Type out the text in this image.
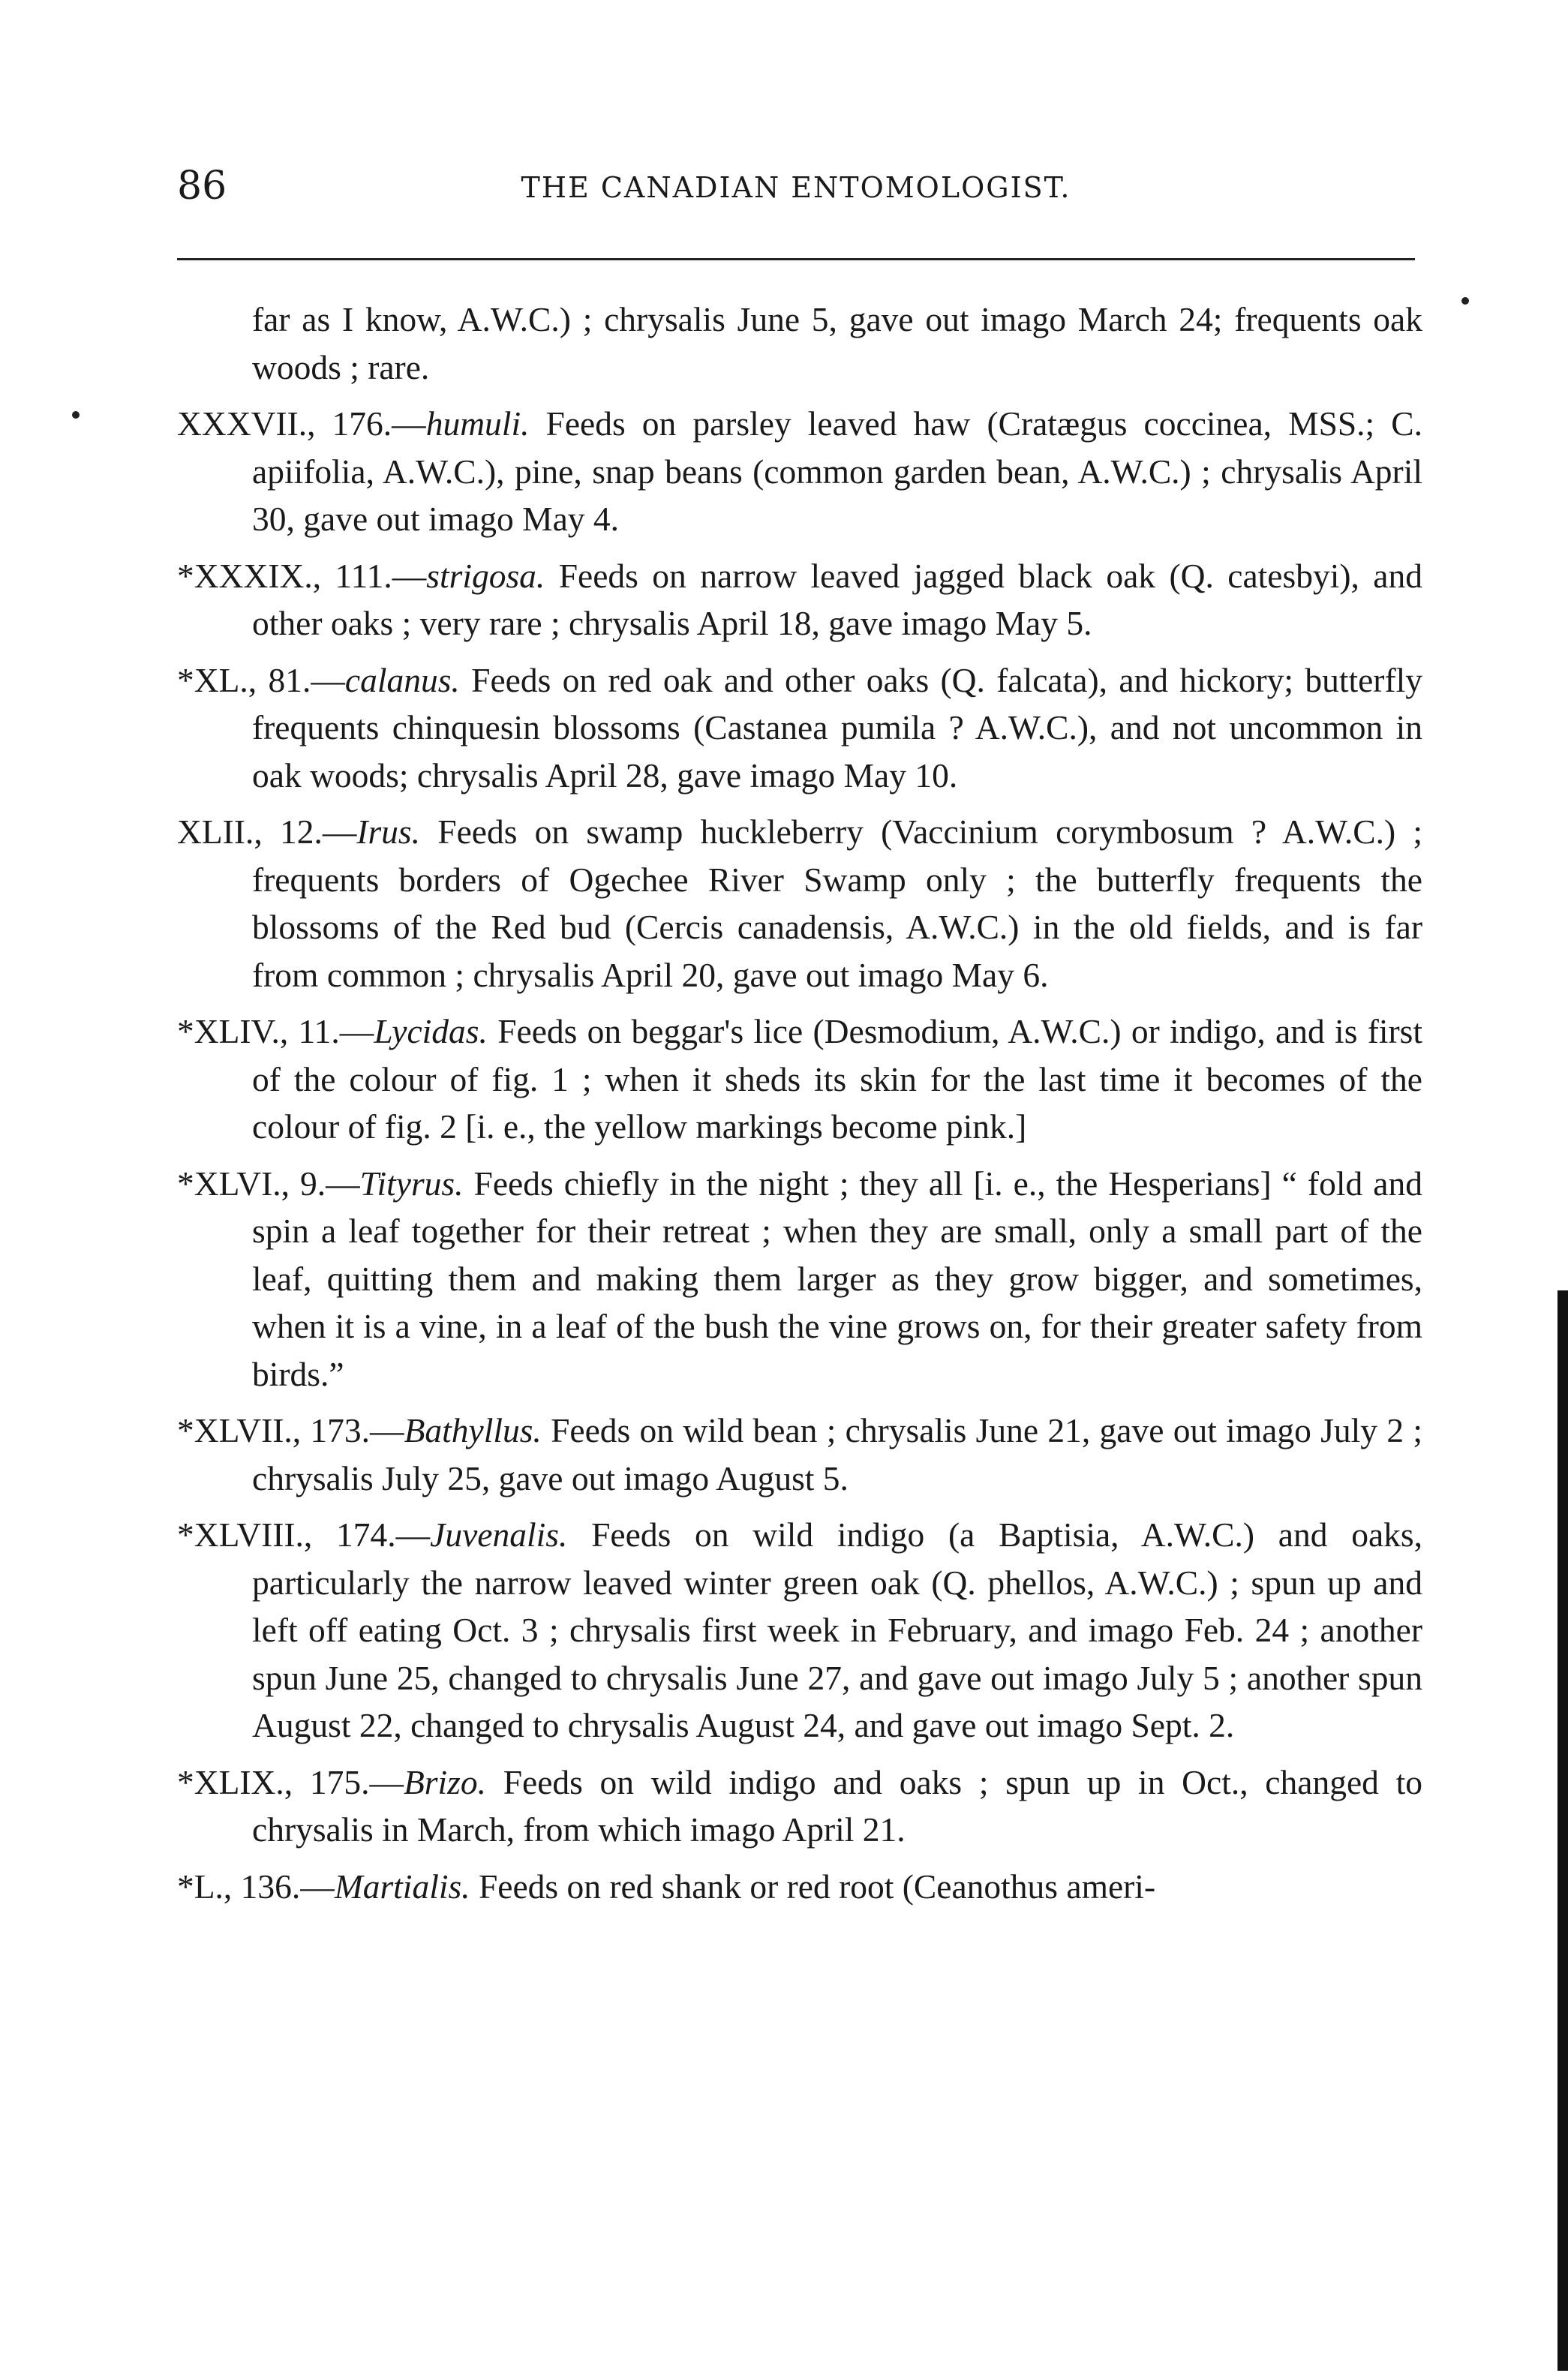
86	THE CANADIAN ENTOMOLOGIST.

far as I know, A.W.C.) ; chrysalis June 5, gave out imago March 24; frequents oak woods ; rare.

XXXVII., 176.—humuli. Feeds on parsley leaved haw (Cratægus coccinea, MSS.; C. apiifolia, A.W.C.), pine, snap beans (common garden bean, A.W.C.) ; chrysalis April 30, gave out imago May 4.

*XXXIX., 111.—strigosa. Feeds on narrow leaved jagged black oak (Q. catesbyi), and other oaks ; very rare ; chrysalis April 18, gave imago May 5.

*XL., 81.—calanus. Feeds on red oak and other oaks (Q. falcata), and hickory; butterfly frequents chinquesin blossoms (Castanea pumila ? A.W.C.), and not uncommon in oak woods; chrysalis April 28, gave imago May 10.

XLII., 12.—Irus. Feeds on swamp huckleberry (Vaccinium corymbosum ? A.W.C.) ; frequents borders of Ogechee River Swamp only ; the butterfly frequents the blossoms of the Red bud (Cercis canadensis, A.W.C.) in the old fields, and is far from common ; chrysalis April 20, gave out imago May 6.

*XLIV., 11.—Lycidas. Feeds on beggar's lice (Desmodium, A.W.C.) or indigo, and is first of the colour of fig. 1 ; when it sheds its skin for the last time it becomes of the colour of fig. 2 [i. e., the yellow markings become pink.]

*XLVI., 9.—Tityrus. Feeds chiefly in the night ; they all [i. e., the Hesperians] “ fold and spin a leaf together for their retreat ; when they are small, only a small part of the leaf, quitting them and making them larger as they grow bigger, and sometimes, when it is a vine, in a leaf of the bush the vine grows on, for their greater safety from birds.”

*XLVII., 173.—Bathyllus. Feeds on wild bean ; chrysalis June 21, gave out imago July 2 ; chrysalis July 25, gave out imago August 5.

*XLVIII., 174.—Juvenalis. Feeds on wild indigo (a Baptisia, A.W.C.) and oaks, particularly the narrow leaved winter green oak (Q. phellos, A.W.C.) ; spun up and left off eating Oct. 3 ; chrysalis first week in February, and imago Feb. 24 ; another spun June 25, changed to chrysalis June 27, and gave out imago July 5 ; another spun August 22, changed to chrysalis August 24, and gave out imago Sept. 2.

*XLIX., 175.—Brizo. Feeds on wild indigo and oaks ; spun up in Oct., changed to chrysalis in March, from which imago April 21.

*L., 136.—Martialis. Feeds on red shank or red root (Ceanothus ameri-
